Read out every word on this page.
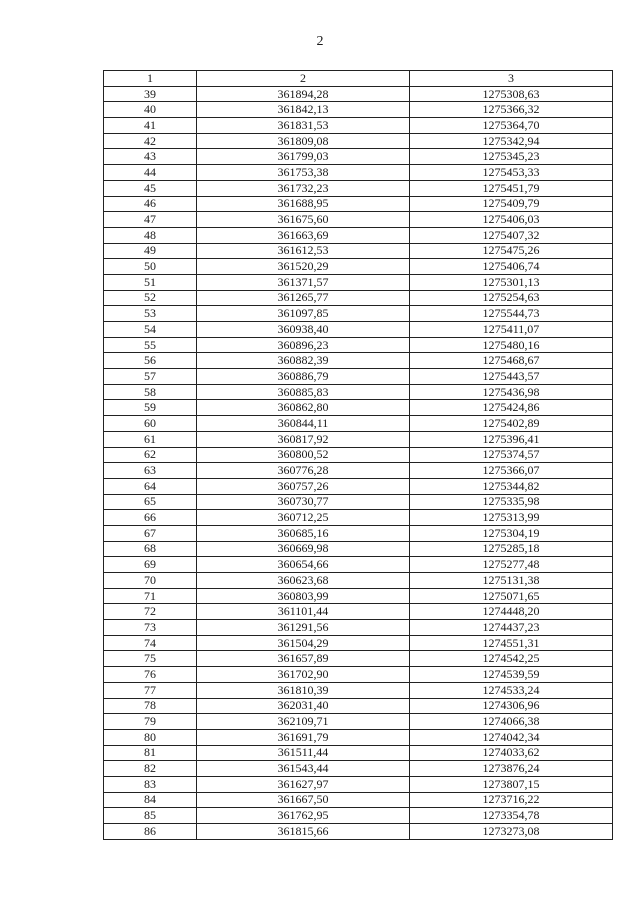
2
1	2	3
39	361894,28	1275308,63
40	361842,13	1275366,32
41	361831,53	1275364,70
42	361809,08	1275342,94
43	361799,03	1275345,23
44	361753,38	1275453,33
45	361732,23	1275451,79
46	361688,95	1275409,79
47	361675,60	1275406,03
48	361663,69	1275407,32
49	361612,53	1275475,26
50	361520,29	1275406,74
51	361371,57	1275301,13
52	361265,77	1275254,63
53	361097,85	1275544,73
54	360938,40	1275411,07
55	360896,23	1275480,16
56	360882,39	1275468,67
57	360886,79	1275443,57
58	360885,83	1275436,98
59	360862,80	1275424,86
60	360844,11	1275402,89
61	360817,92	1275396,41
62	360800,52	1275374,57
63	360776,28	1275366,07
64	360757,26	1275344,82
65	360730,77	1275335,98
66	360712,25	1275313,99
67	360685,16	1275304,19
68	360669,98	1275285,18
69	360654,66	1275277,48
70	360623,68	1275131,38
71	360803,99	1275071,65
72	361101,44	1274448,20
73	361291,56	1274437,23
74	361504,29	1274551,31
75	361657,89	1274542,25
76	361702,90	1274539,59
77	361810,39	1274533,24
78	362031,40	1274306,96
79	362109,71	1274066,38
80	361691,79	1274042,34
81	361511,44	1274033,62
82	361543,44	1273876,24
83	361627,97	1273807,15
84	361667,50	1273716,22
85	361762,95	1273354,78
86	361815,66	1273273,08
